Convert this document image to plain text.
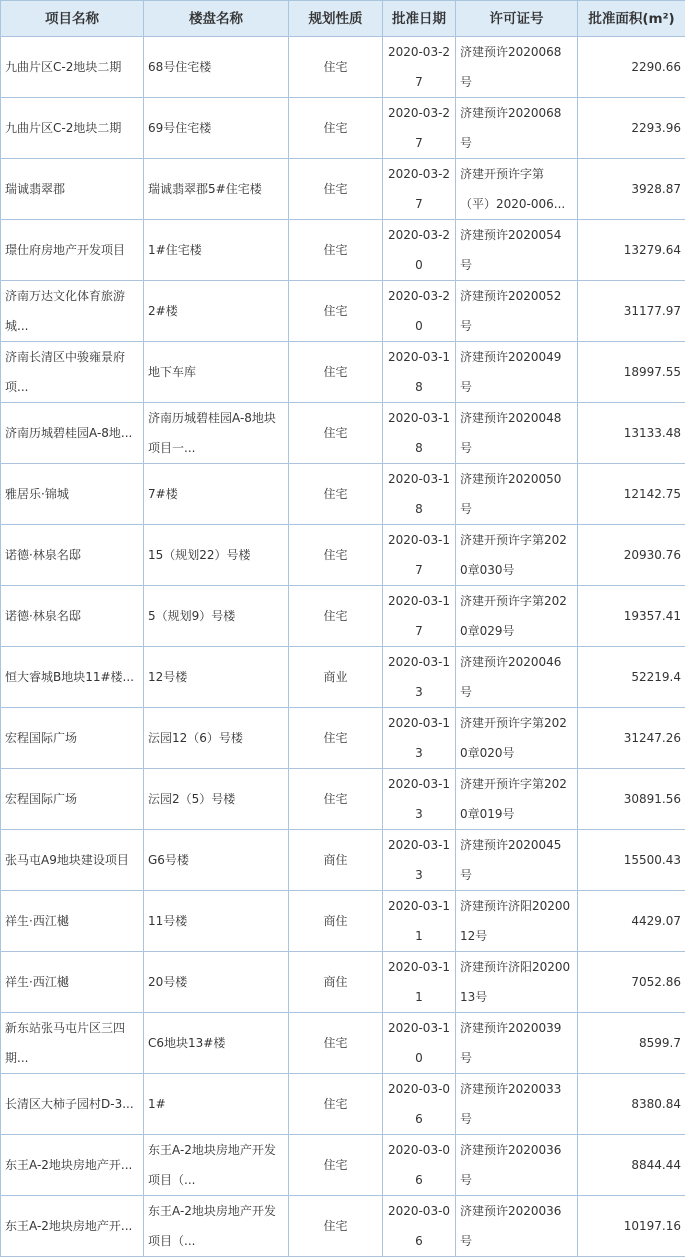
项目名称	楼盘名称	规划性质	批准日期	许可证号	批准面积(m²)
九曲片区C-2地块二期	68号住宅楼	住宅	2020-03-27	济建预许2020068号	2290.66
九曲片区C-2地块二期	69号住宅楼	住宅	2020-03-27	济建预许2020068号	2293.96
瑞诚翡翠郡	瑞诚翡翠郡5#住宅楼	住宅	2020-03-27	济建开预许字第（平）2020-006...	3928.87
璟仕府房地产开发项目	1#住宅楼	住宅	2020-03-20	济建预许2020054号	13279.64
济南万达文化体育旅游城...	2#楼	住宅	2020-03-20	济建预许2020052号	31177.97
济南长清区中骏雍景府项...	地下车库	住宅	2020-03-18	济建预许2020049号	18997.55
济南历城碧桂园A-8地...	济南历城碧桂园A-8地块项目一...	住宅	2020-03-18	济建预许2020048号	13133.48
雅居乐·锦城	7#楼	住宅	2020-03-18	济建预许2020050号	12142.75
诺德·林泉名邸	15（规划22）号楼	住宅	2020-03-17	济建开预许字第2020章030号	20930.76
诺德·林泉名邸	5（规划9）号楼	住宅	2020-03-17	济建开预许字第2020章029号	19357.41
恒大睿城B地块11#楼...	12号楼	商业	2020-03-13	济建预许2020046号	52219.4
宏程国际广场	沄园12（6）号楼	住宅	2020-03-13	济建开预许字第2020章020号	31247.26
宏程国际广场	沄园2（5）号楼	住宅	2020-03-13	济建开预许字第2020章019号	30891.56
张马屯A9地块建设项目	G6号楼	商住	2020-03-13	济建预许2020045号	15500.43
祥生·西江樾	11号楼	商住	2020-03-11	济建预许济阳2020012号	4429.07
祥生·西江樾	20号楼	商住	2020-03-11	济建预许济阳2020013号	7052.86
新东站张马屯片区三四期...	C6地块13#楼	住宅	2020-03-10	济建预许2020039号	8599.7
长清区大柿子园村D-3...	1#	住宅	2020-03-06	济建预许2020033号	8380.84
东王A-2地块房地产开...	东王A-2地块房地产开发项目（...	住宅	2020-03-06	济建预许2020036号	8844.44
东王A-2地块房地产开...	东王A-2地块房地产开发项目（...	住宅	2020-03-06	济建预许2020036号	10197.16
